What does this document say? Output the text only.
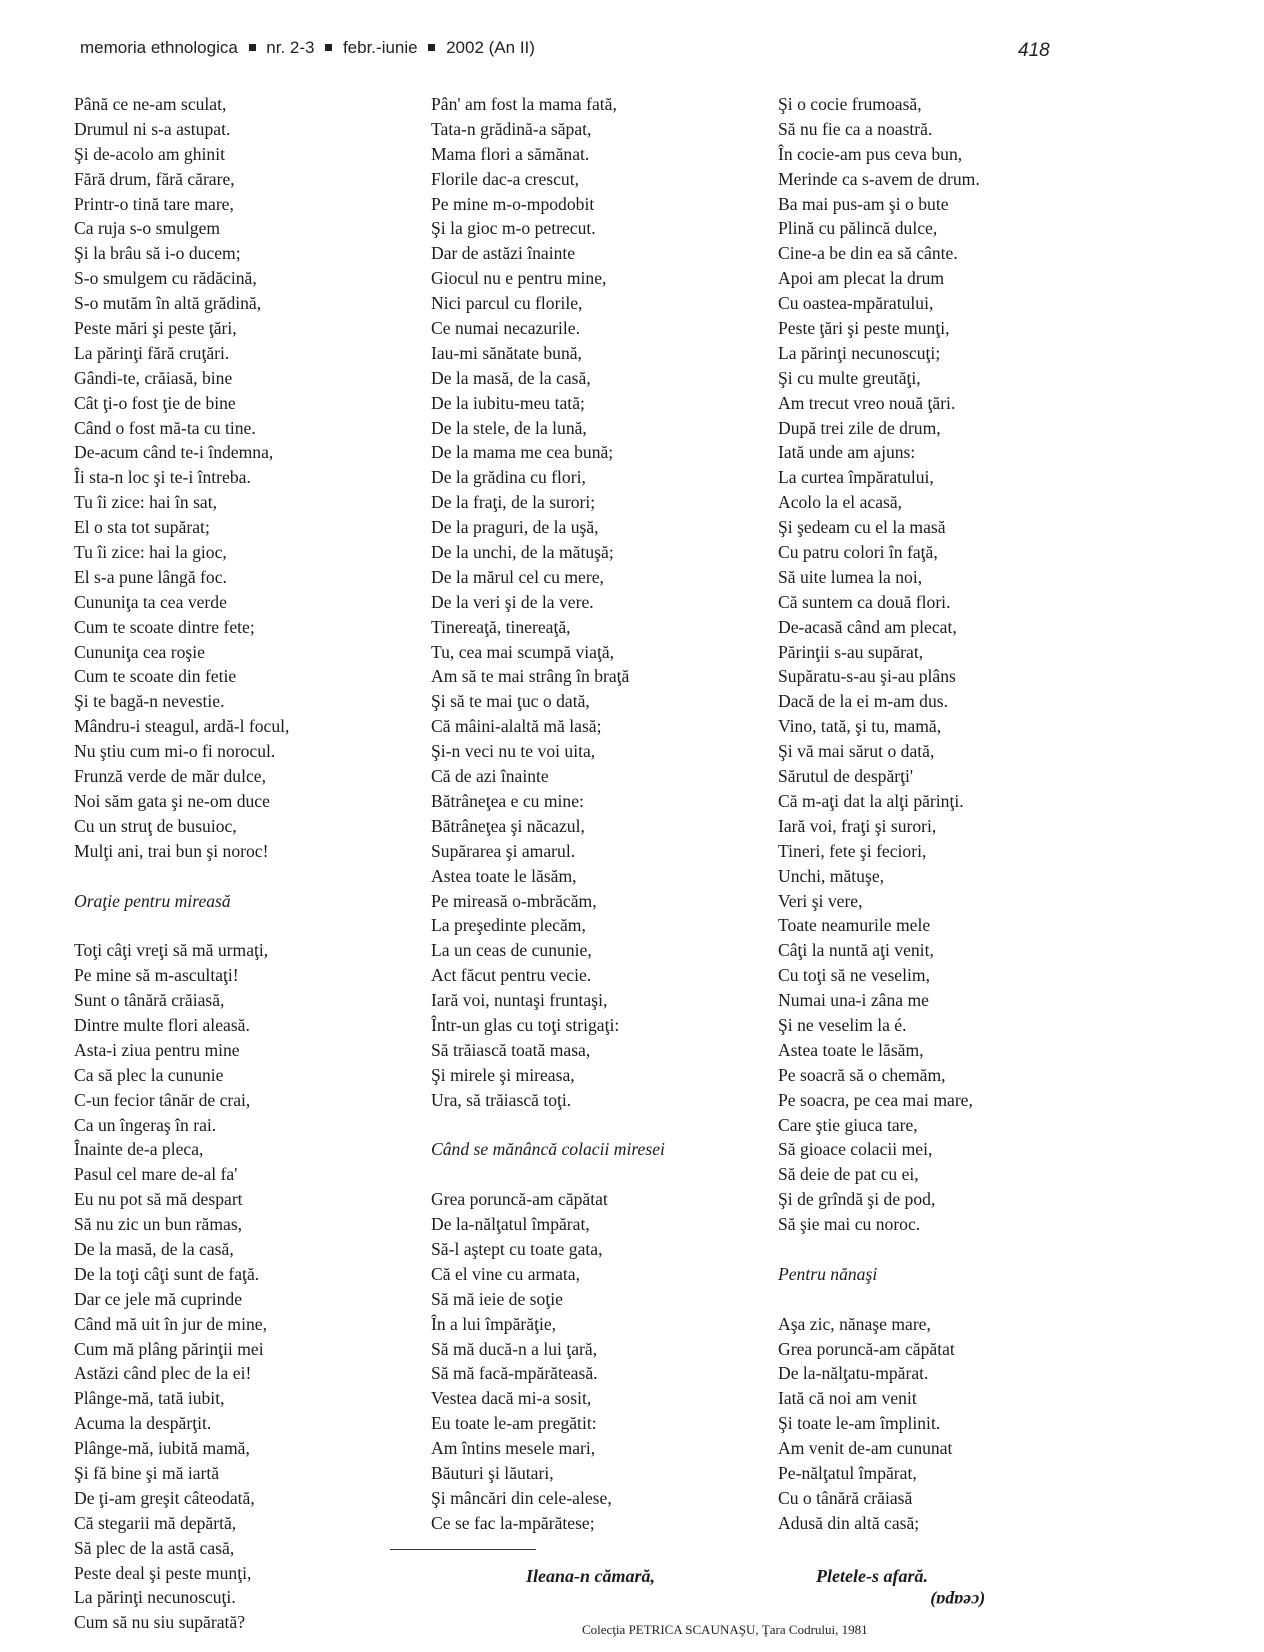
memoria ethnologica nr. 2-3 febr.-iunie 2002 (An II)	418
Până ce ne-am sculat,
Drumul ni s-a astupat.
Şi de-acolo am ghinit
Fără drum, fără cărare,
Printr-o tină tare mare,
Ca ruja s-o smulgem
Şi la brâu să i-o ducem;
S-o smulgem cu rădăcină,
S-o mutăm în altă grădină,
Peste mări şi peste ţări,
La părinţi fără cruţări.
Gândi-te, crăiasă, bine
Cât ţi-o fost ţie de bine
Când o fost mă-ta cu tine.
De-acum când te-i îndemna,
Îi sta-n loc şi te-i întreba.
Tu îi zice: hai în sat,
El o sta tot supărat;
Tu îi zice: hai la gioc,
El s-a pune lângă foc.
Cununiţa ta cea verde
Cum te scoate dintre fete;
Cununiţa cea roşie
Cum te scoate din fetie
Şi te bagă-n nevestie.
Mândru-i steagul, ardă-l focul,
Nu ştiu cum mi-o fi norocul.
Frunză verde de măr dulce,
Noi săm gata şi ne-om duce
Cu un struţ de busuioc,
Mulţi ani, trai bun şi noroc!
Oraţie pentru mireasă
Toţi câţi vreţi să mă urmaţi,
Pe mine să m-ascultaţi!
Sunt o tânără crăiasă,
Dintre multe flori aleasă.
Asta-i ziua pentru mine
Ca să plec la cununie
C-un fecior tânăr de crai,
Ca un îngeraş în rai.
Înainte de-a pleca,
Pasul cel mare de-al fa'
Eu nu pot să mă despart
Să nu zic un bun rămas,
De la masă, de la casă,
De la toţi câţi sunt de faţă.
Dar ce jele mă cuprinde
Când mă uit în jur de mine,
Cum mă plâng părinţii mei
Astăzi când plec de la ei!
Plânge-mă, tată iubit,
Acuma la despărţit.
Plânge-mă, iubită mamă,
Şi fă bine şi mă iartă
De ţi-am greşit câteodată,
Că stegarii mă depărtă,
Să plec de la astă casă,
Peste deal şi peste munţi,
La părinţi necunoscuţi.
Cum să nu siu supărată?
Pân' am fost la mama fată,
Tata-n grădină-a săpat,
Mama flori a sămănat.
Florile dac-a crescut,
Pe mine m-o-mpodobit
Şi la gioc m-o petrecut.
Dar de astăzi înainte
Giocul nu e pentru mine,
Nici parcul cu florile,
Ce numai necazurile.
Iau-mi sănătate bună,
De la masă, de la casă,
De la iubitu-meu tată;
De la stele, de la lună,
De la mama me cea bună;
De la grădina cu flori,
De la fraţi, de la surori;
De la praguri, de la uşă,
De la unchi, de la mătuşă;
De la mărul cel cu mere,
De la veri şi de la vere.
Tinereaţă, tinereaţă,
Tu, cea mai scumpă viaţă,
Am să te mai strâng în braţă
Şi să te mai ţuc o dată,
Că mâini-alaltă mă lasă;
Şi-n veci nu te voi uita,
Că de azi înainte
Bătrâneţea e cu mine:
Bătrâneţea şi năcazul,
Supărarea şi amarul.
Astea toate le lăsăm,
Pe mireasă o-mbrăcăm,
La preşedinte plecăm,
La un ceas de cununie,
Act făcut pentru vecie.
Iară voi, nuntaşi fruntaşi,
Într-un glas cu toţi strigaţi:
Să trăiască toată masa,
Şi mirele şi mireasa,
Ura, să trăiască toţi.
Când se mănâncă colacii miresei
Grea poruncă-am căpătat
De la-nălţatul împărat,
Să-l aştept cu toate gata,
Că el vine cu armata,
Să mă ieie de soţie
În a lui împărăţie,
Să mă ducă-n a lui ţară,
Să mă facă-mpărăteasă.
Vestea dacă mi-a sosit,
Eu toate le-am pregătit:
Am întins mesele mari,
Băuturi şi lăutari,
Şi mâncări din cele-alese,
Ce se fac la-mpărătese;
Şi o cocie frumoasă,
Să nu fie ca a noastră.
În cocie-am pus ceva bun,
Merinde ca s-avem de drum.
Ba mai pus-am şi o bute
Plină cu pălincă dulce,
Cine-a be din ea să cânte.
Apoi am plecat la drum
Cu oastea-mpăratului,
Peste ţări şi peste munţi,
La părinţi necunoscuţi;
Şi cu multe greutăţi,
Am trecut vreo nouă ţări.
După trei zile de drum,
Iată unde am ajuns:
La curtea împăratului,
Acolo la el acasă,
Şi şedeam cu el la masă
Cu patru colori în faţă,
Să uite lumea la noi,
Că suntem ca două flori.
De-acasă când am plecat,
Părinţii s-au supărat,
Supăratu-s-au şi-au plâns
Dacă de la ei m-am dus.
Vino, tată, şi tu, mamă,
Şi vă mai sărut o dată,
Sărutul de despărţi'
Că m-aţi dat la alţi părinţi.
Iară voi, fraţi şi surori,
Tineri, fete şi feciori,
Unchi, mătuşe,
Veri şi vere,
Toate neamurile mele
Câţi la nuntă aţi venit,
Cu toţi să ne veselim,
Numai una-i zâna me
Şi ne veselim la é.
Astea toate le lăsăm,
Pe soacră să o chemăm,
Pe soacra, pe cea mai mare,
Care ştie giuca tare,
Să gioace colacii mei,
Să deie de pat cu ei,
Şi de grîndă şi de pod,
Să şie mai cu noroc.
Pentru nănaşi
Aşa zic, nănaşe mare,
Grea poruncă-am căpătat
De la-nălţatu-mpărat.
Iată că noi am venit
Şi toate le-am împlinit.
Am venit de-am cununat
Pe-nălţatul împărat,
Cu o tânără crăiasă
Adusă din altă casă;
Ileana-n cămară,	Pletele-s afară.
(ceapa)
Colecţia PETRICA SCAUNAŞU, Ţara Codrului, 1981
